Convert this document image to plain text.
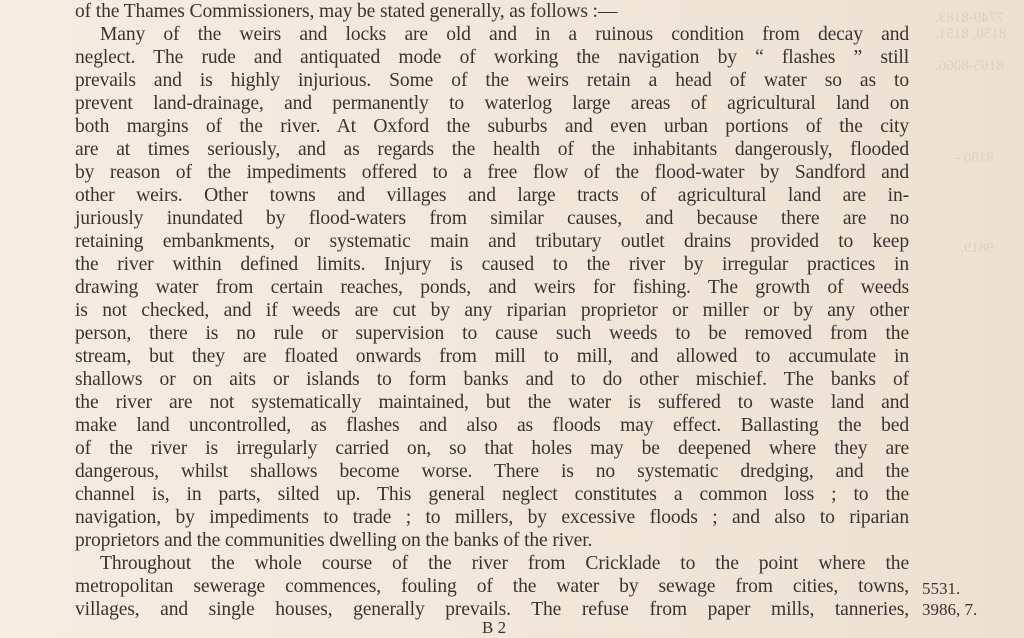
of the Thames Commissioners, may be stated generally, as follows :—
Many of the weirs and locks are old and in a ruinous condition from decay and
neglect. The rude and antiquated mode of working the navigation by “ flashes ” still
prevails and is highly injurious. Some of the weirs retain a head of water so as to
prevent land-drainage, and permanently to waterlog large areas of agricultural land on
both margins of the river. At Oxford the suburbs and even urban portions of the city
are at times seriously, and as regards the health of the inhabitants dangerously, flooded
by reason of the impediments offered to a free flow of the flood-water by Sandford and
other weirs. Other towns and villages and large tracts of agricultural land are in-
juriously inundated by flood-waters from similar causes, and because there are no
retaining embankments, or systematic main and tributary outlet drains provided to keep
the river within defined limits. Injury is caused to the river by irregular practices in
drawing water from certain reaches, ponds, and weirs for fishing. The growth of weeds
is not checked, and if weeds are cut by any riparian proprietor or miller or by any other
person, there is no rule or supervision to cause such weeds to be removed from the
stream, but they are floated onwards from mill to mill, and allowed to accumulate in
shallows or on aits or islands to form banks and to do other mischief. The banks of
the river are not systematically maintained, but the water is suffered to waste land and
make land uncontrolled, as flashes and also as floods may effect. Ballasting the bed
of the river is irregularly carried on, so that holes may be deepened where they are
dangerous, whilst shallows become worse. There is no systematic dredging, and the
channel is, in parts, silted up. This general neglect constitutes a common loss ; to the
navigation, by impediments to trade ; to millers, by excessive floods ; and also to riparian
proprietors and the communities dwelling on the banks of the river.
Throughout the whole course of the river from Cricklade to the point where the
metropolitan sewerage commences, fouling of the water by sewage from cities, towns,
villages, and single houses, generally prevails. The refuse from paper mills, tanneries,
5531.
3986, 7.
7749-8183.
8150, 8151.
8165-8066.
8180 -
9819.
B 2
